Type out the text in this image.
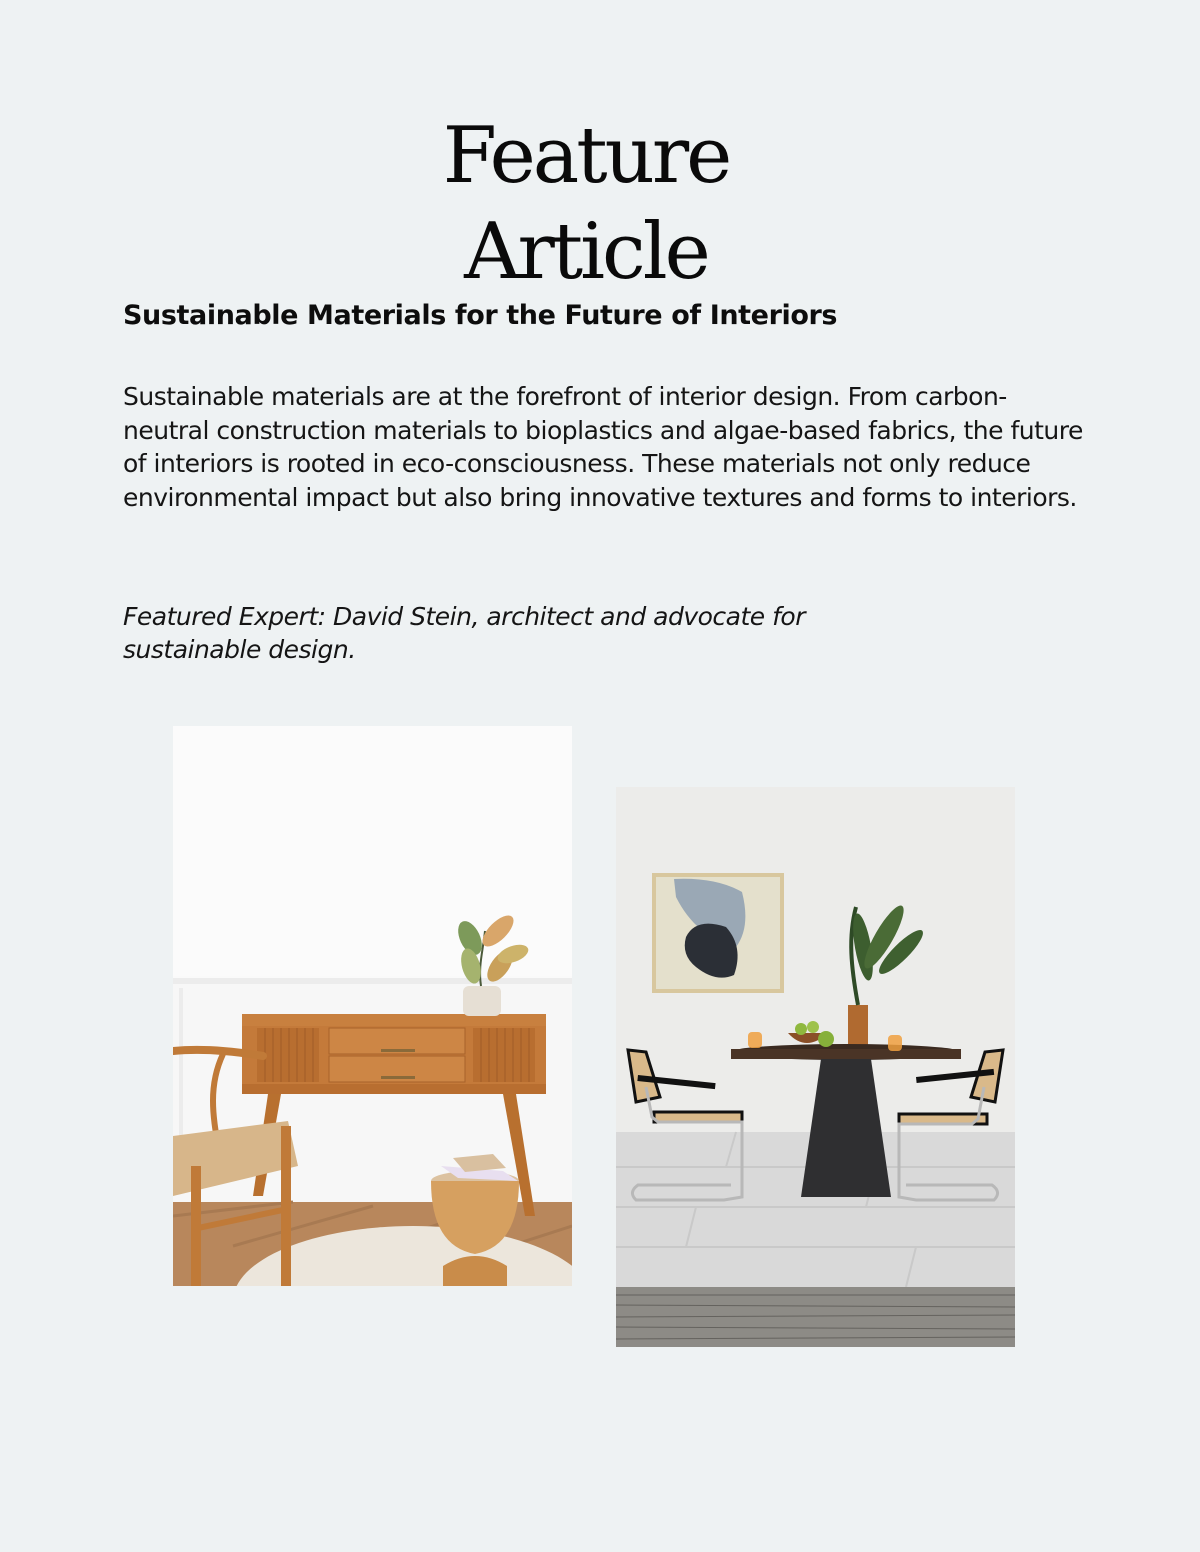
Feature
Article
Sustainable Materials for the Future of Interiors

Sustainable materials are at the forefront of interior design. From carbon-neutral construction materials to bioplastics and algae-based fabrics, the future of interiors is rooted in eco-consciousness. These materials not only reduce environmental impact but also bring innovative textures and forms to interiors.

Featured Expert: David Stein, architect and advocate for sustainable design.
